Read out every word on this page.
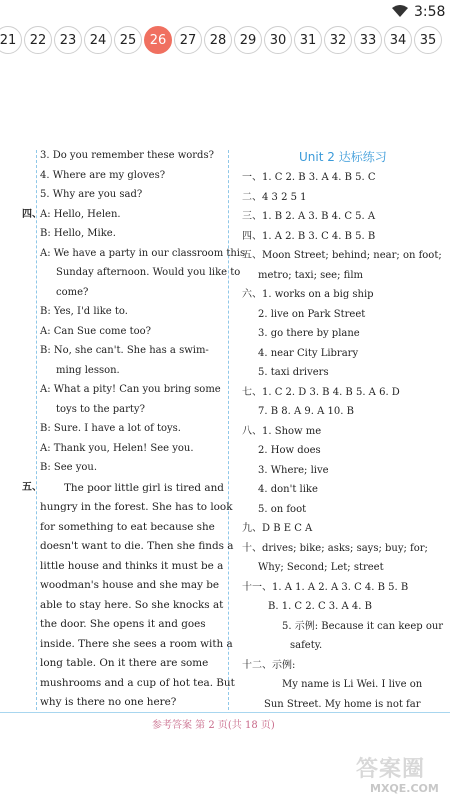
3:58
21	22	23	24	25	26	27	28	29	30	31	32	33	34	35
3. Do you remember these words?
4. Where are my gloves?
5. Why are you sad?
四、
A: Hello, Helen.
B: Hello, Mike.
A: We have a party in our classroom this
Sunday afternoon. Would you like to
come?
B: Yes, I'd like to.
A: Can Sue come too?
B: No, she can't. She has a swim-
ming lesson.
A: What a pity! Can you bring some
toys to the party?
B: Sure. I have a lot of toys.
A: Thank you, Helen! See you.
B: See you.
五、 The poor little girl is tired and
hungry in the forest. She has to look
for something to eat because she
doesn't want to die. Then she finds a
little house and thinks it must be a
woodman's house and she may be
able to stay here. So she knocks at
the door. She opens it and goes
inside. There she sees a room with a
long table. On it there are some
mushrooms and a cup of hot tea. But
why is there no one here?
Unit 2 达标练习
一、1. C 2. B 3. A 4. B 5. C
二、4 3 2 5 1
三、1. B 2. A 3. B 4. C 5. A
四、1. A 2. B 3. C 4. B 5. B
五、Moon Street; behind; near; on foot;
metro; taxi; see; film
六、1. works on a big ship
2. live on Park Street
3. go there by plane
4. near City Library
5. taxi drivers
七、1. C 2. D 3. B 4. B 5. A 6. D
7. B 8. A 9. A 10. B
八、1. Show me
2. How does
3. Where; live
4. don't like
5. on foot
九、D B E C A
十、drives; bike; asks; says; buy; for;
Why; Second; Let; street
十一、1. A 1. A 2. A 3. C 4. B 5. B
B. 1. C 2. C 3. A 4. B
5. 示例: Because it can keep our
safety.
十二、示例:
My name is Li Wei. I live on
Sun Street. My home is not far
参考答案 第 2 页(共 18 页)
答案圈
MXQE.COM
